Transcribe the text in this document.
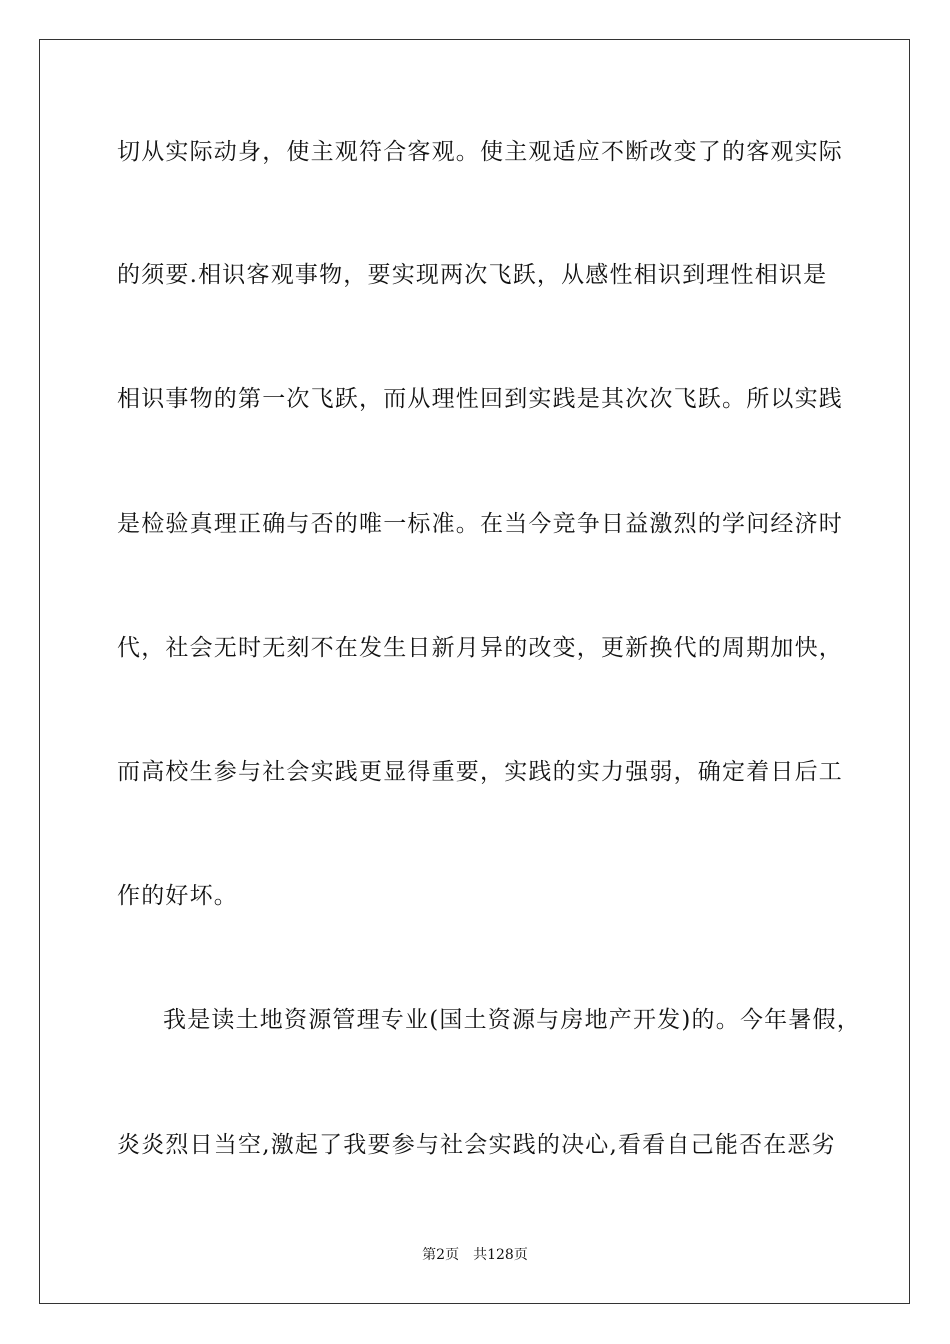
切从实际动身，使主观符合客观。使主观适应不断改变了的客观实际
的须要.相识客观事物，要实现两次飞跃，从感性相识到理性相识是
相识事物的第一次飞跃，而从理性回到实践是其次次飞跃。所以实践
是检验真理正确与否的唯一标准。在当今竞争日益激烈的学问经济时
代，社会无时无刻不在发生日新月异的改变，更新换代的周期加快，
而高校生参与社会实践更显得重要，实践的实力强弱，确定着日后工
作的好坏。
我是读土地资源管理专业(国土资源与房地产开发)的。今年暑假，
炎炎烈日当空,激起了我要参与社会实践的决心,看看自己能否在恶劣
第2页 共128页
